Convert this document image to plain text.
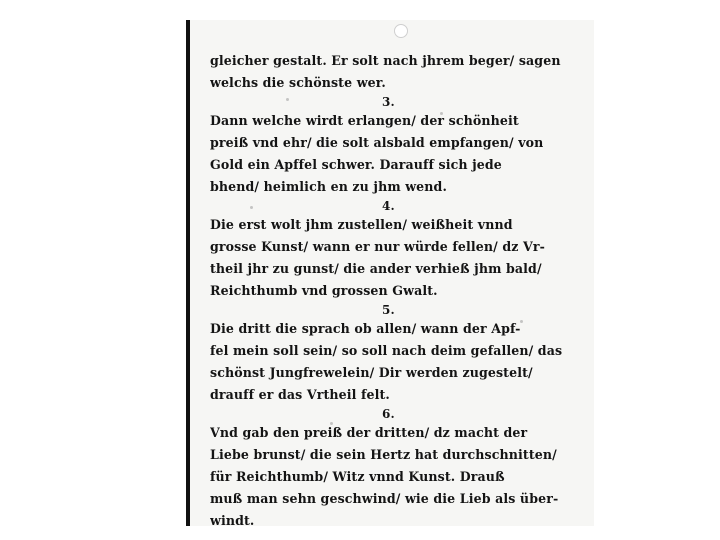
gleicher gestalt. Er solt nach jhrem beger/ sagen
welchs die schönste wer.
3.
Dann welche wirdt erlangen/ der schönheit
preiß vnd ehr/ die solt alsbald empfangen/ von
Gold ein Apffel schwer. Darauff sich jede
bhend/ heimlich en zu jhm wend.
4.
Die erst wolt jhm zustellen/ weißheit vnnd
grosse Kunst/ wann er nur würde fellen/ dz Vr-
theil jhr zu gunst/ die ander verhieß jhm bald/
Reichthumb vnd grossen Gwalt.
5.
Die dritt die sprach ob allen/ wann der Apf-
fel mein soll sein/ so soll nach deim gefallen/ das
schönst Jungfrewelein/ Dir werden zugestelt/
drauff er das Vrtheil felt.
6.
Vnd gab den preiß der dritten/ dz macht der
Liebe brunst/ die sein Hertz hat durchschnitten/
für Reichthumb/ Witz vnnd Kunst. Drauß
muß man sehn geschwind/ wie die Lieb als über-
windt.
